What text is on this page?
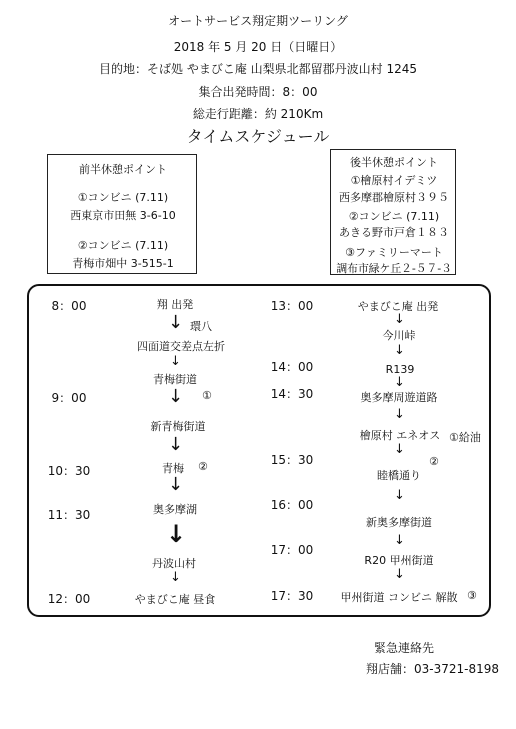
オートサービス翔定期ツーリング
2018 年 5 月 20 日（日曜日）
目的地：そば処 やまびこ庵 山梨県北都留郡丹波山村 1245
集合出発時間：8：00
総走行距離：約 210Km
タイムスケジュール
前半休憩ポイント
①コンビニ (7.11)
西東京市田無 3-6-10
②コンビニ (7.11)
青梅市畑中 3-515-1
後半休憩ポイント
①檜原村イデミツ
西多摩郡檜原村３９５
②コンビニ (7.11)
あきる野市戸倉１８３
③ファミリーマート
調布市緑ケ丘２-５７-３
8：00
9：00
10：30
11：30
12：00
翔 出発
↓ 環八
四面道交差点左折
↓
青梅街道
↓ ①
新青梅街道
↓
青梅 ②
↓
奥多摩湖
↓
丹波山村
↓
やまびこ庵 昼食
13：00
14：00
14：30
15：30
16：00
17：00
17：30
やまびこ庵 出発
↓
今川峠
↓
R139
↓
奥多摩周遊道路
↓
檜原村 エネオス ①給油
↓
②
睦橋通り
↓
新奥多摩街道
↓
R20 甲州街道
↓
甲州街道 コンビニ 解散 ③
緊急連絡先
翔店舗：03-3721-8198
